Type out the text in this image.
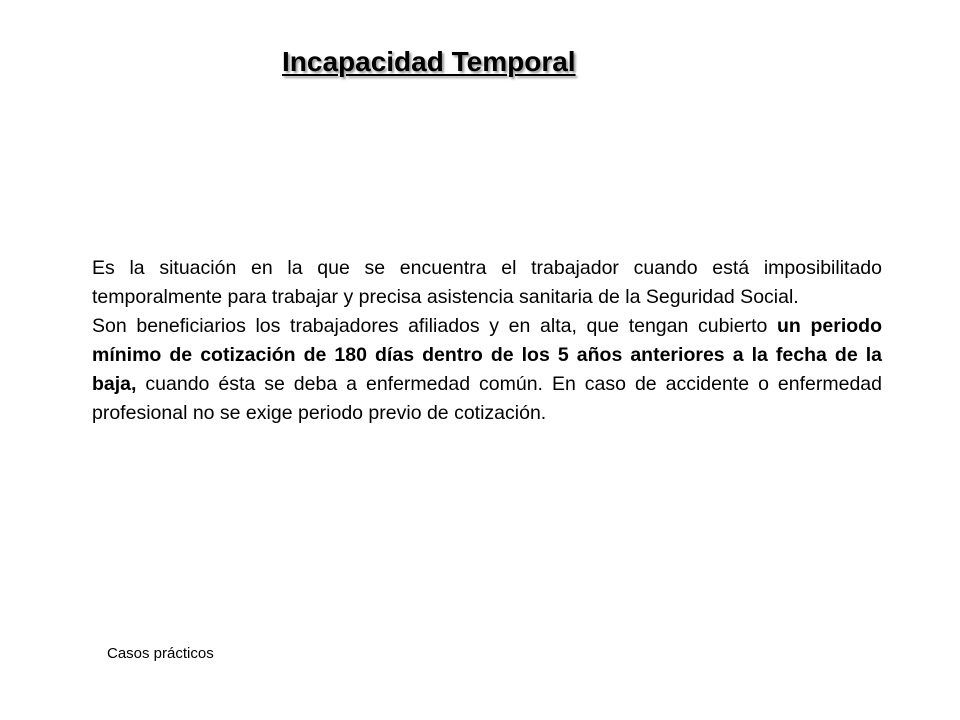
Incapacidad Temporal

Es la situación en la que se encuentra el trabajador cuando está imposibilitado temporalmente para trabajar y precisa asistencia sanitaria de la Seguridad Social.

Son beneficiarios los trabajadores afiliados y en alta, que tengan cubierto un periodo mínimo de cotización de 180 días dentro de los 5 años anteriores a la fecha de la baja, cuando ésta se deba a enfermedad común. En caso de accidente o enfermedad profesional no se exige periodo previo de cotización.

Casos prácticos
